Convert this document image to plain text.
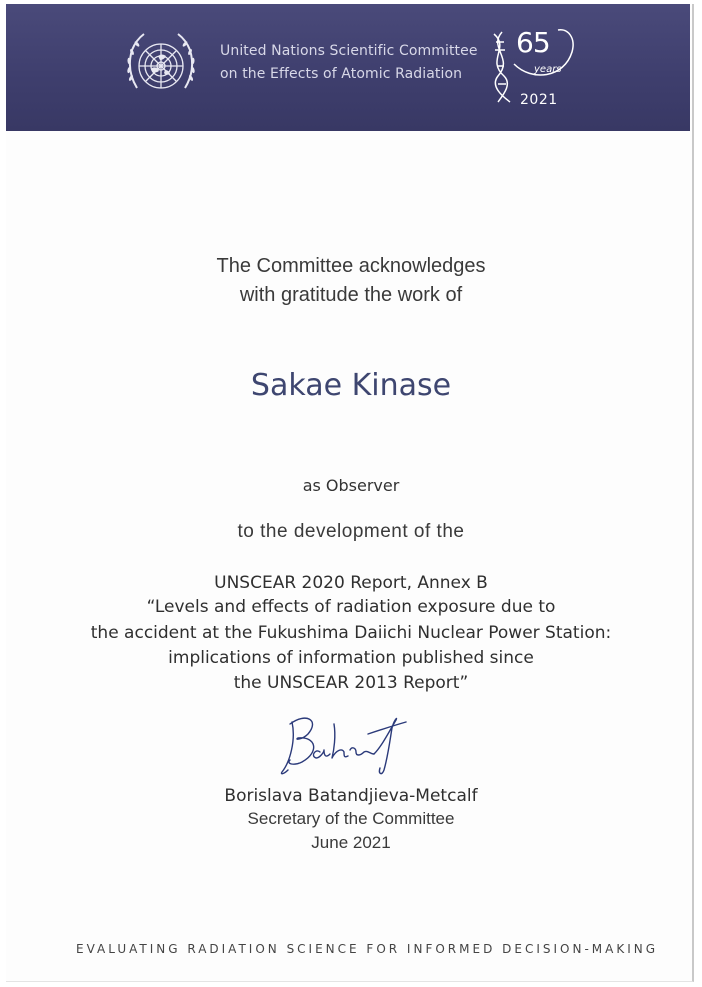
United Nations Scientific Committee
on the Effects of Atomic Radiation
65
years
2021
The Committee acknowledges
with gratitude the work of
Sakae Kinase
as Observer
to the development of the
UNSCEAR 2020 Report, Annex B
“Levels and effects of radiation exposure due to
the accident at the Fukushima Daiichi Nuclear Power Station:
implications of information published since
the UNSCEAR 2013 Report”
Borislava Batandjieva-Metcalf
Secretary of the Committee
June 2021
EVALUATING RADIATION SCIENCE FOR INFORMED DECISION-MAKING
